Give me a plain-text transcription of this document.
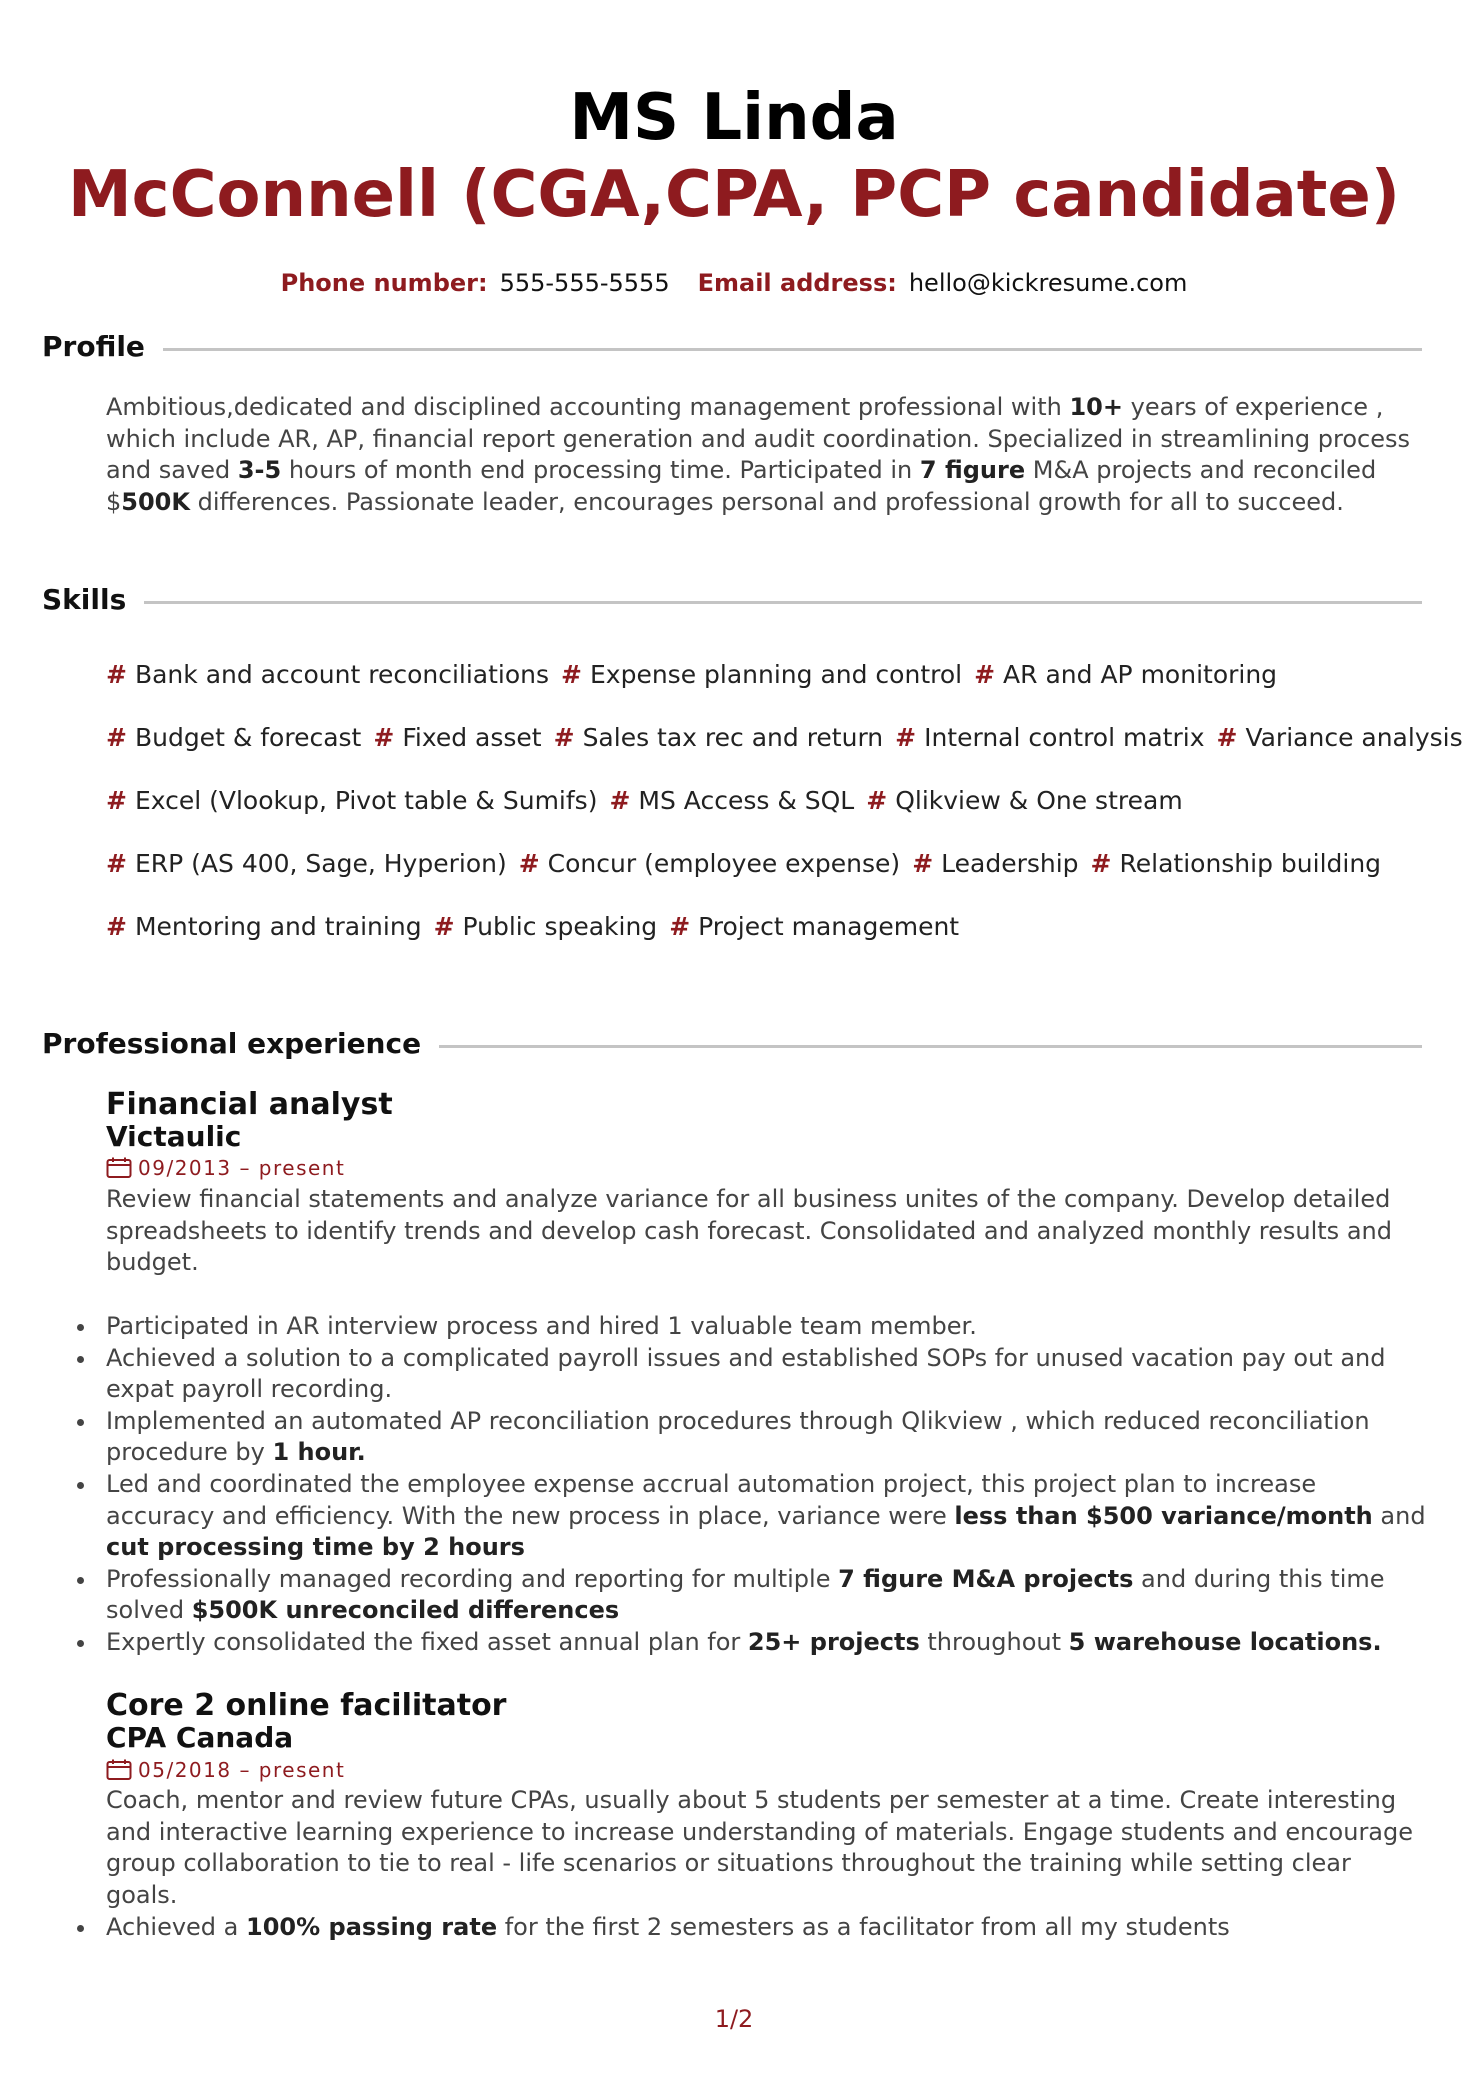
MS Linda
McConnell (CGA,CPA, PCP candidate)
Phone number: 555-555-5555 Email address: hello@kickresume.com
Profile
Ambitious,dedicated and disciplined accounting management professional with 10+ years of experience , which include AR, AP, financial report generation and audit coordination. Specialized in streamlining process and saved 3-5 hours of month end processing time. Participated in 7 figure M&A projects and reconciled $500K differences. Passionate leader, encourages personal and professional growth for all to succeed.
Skills
# Bank and account reconciliations # Expense planning and control # AR and AP monitoring
# Budget & forecast # Fixed asset # Sales tax rec and return # Internal control matrix # Variance analysis
# Excel (Vlookup, Pivot table & Sumifs) # MS Access & SQL # Qlikview & One stream
# ERP (AS 400, Sage, Hyperion) # Concur (employee expense) # Leadership # Relationship building
# Mentoring and training # Public speaking # Project management
Professional experience
Financial analyst
Victaulic
09/2013 – present
Review financial statements and analyze variance for all business unites of the company. Develop detailed spreadsheets to identify trends and develop cash forecast. Consolidated and analyzed monthly results and budget.
Participated in AR interview process and hired 1 valuable team member.
Achieved a solution to a complicated payroll issues and established SOPs for unused vacation pay out and expat payroll recording.
Implemented an automated AP reconciliation procedures through Qlikview , which reduced reconciliation procedure by 1 hour.
Led and coordinated the employee expense accrual automation project, this project plan to increase accuracy and efficiency. With the new process in place, variance were less than $500 variance/month and cut processing time by 2 hours
Professionally managed recording and reporting for multiple 7 figure M&A projects and during this time solved $500K unreconciled differences
Expertly consolidated the fixed asset annual plan for 25+ projects throughout 5 warehouse locations.
Core 2 online facilitator
CPA Canada
05/2018 – present
Coach, mentor and review future CPAs, usually about 5 students per semester at a time. Create interesting and interactive learning experience to increase understanding of materials. Engage students and encourage group collaboration to tie to real - life scenarios or situations throughout the training while setting clear goals.
Achieved a 100% passing rate for the first 2 semesters as a facilitator from all my students
1/2
